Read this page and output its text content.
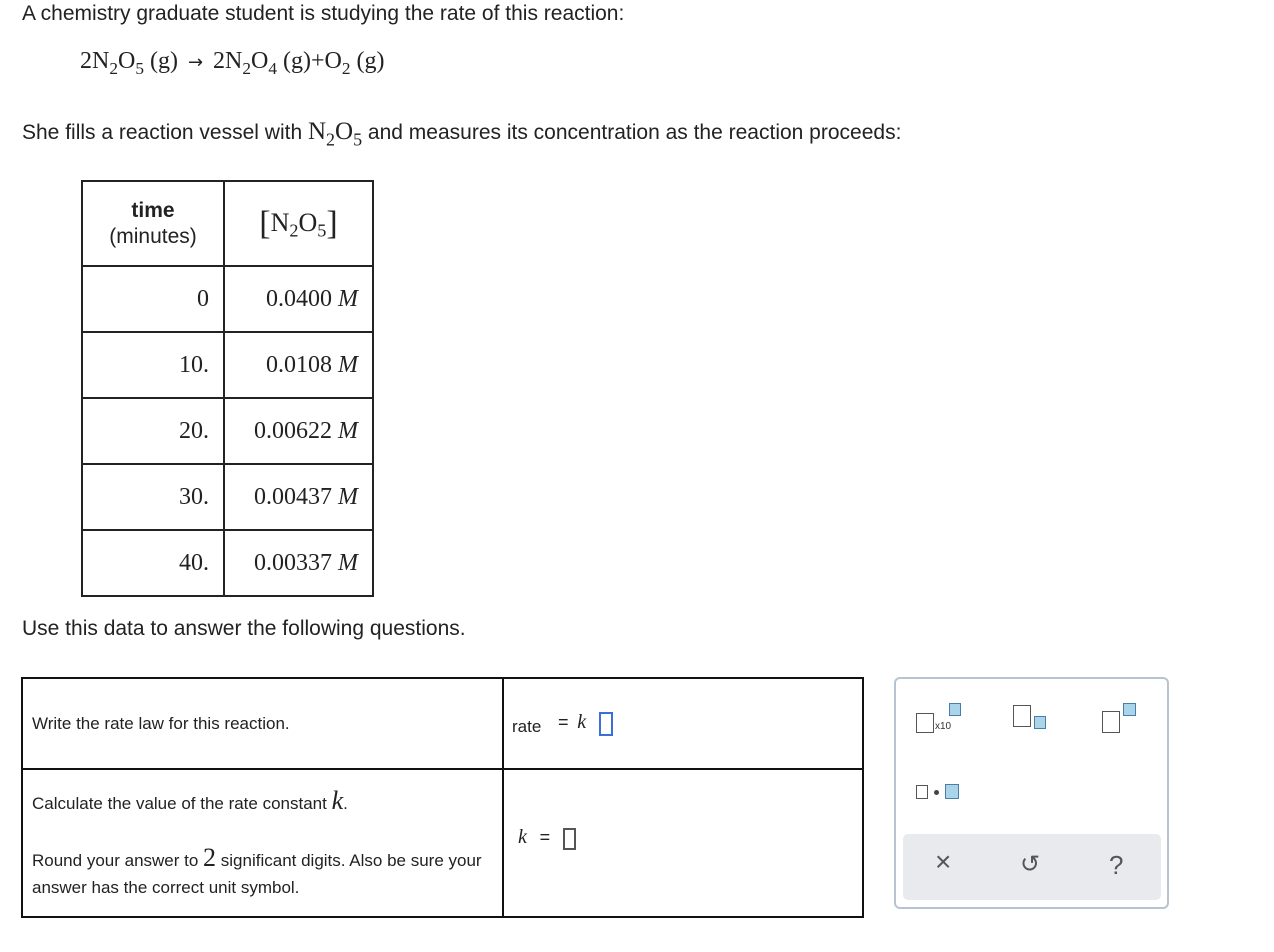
A chemistry graduate student is studying the rate of this reaction:
$2N_2O_5$ $(g) \to 2N_2O_4$ $(g)+O_2$ (g)
She fills a reaction vessel with $N_2O_5$ and measures its concentration as the reaction proceeds:
time
(minutes)	$[N_2O_5]$
0	0.0400 M
10.	0.0108 M
20.	0.00622 M
30.	0.00437 M
40.	0.00337 M
Use this data to answer the following questions.
Write the rate law for this reaction.	rate = k

Calculate the value of the rate constant k.
Round your answer to 2 significant digits. Also be sure your answer has the correct unit symbol.	k =
x10
×	↺	?
